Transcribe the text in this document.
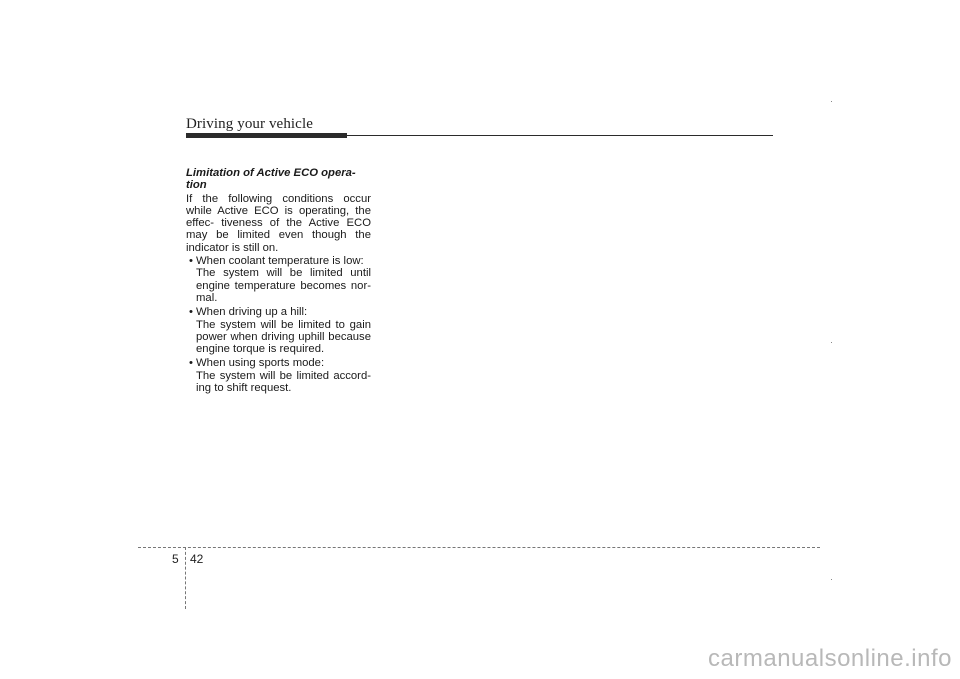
Driving your vehicle
Limitation of Active ECO opera- tion
If the following conditions occur while Active ECO is operating, the effec- tiveness of the Active ECO may be limited even though the indicator is still on.
• When coolant temperature is low:
The system will be limited until engine temperature becomes nor- mal.
• When driving up a hill:
The system will be limited to gain power when driving uphill because engine torque is required.
• When using sports mode:
The system will be limited accord- ing to shift request.
5 42
carmanualsonline.info
